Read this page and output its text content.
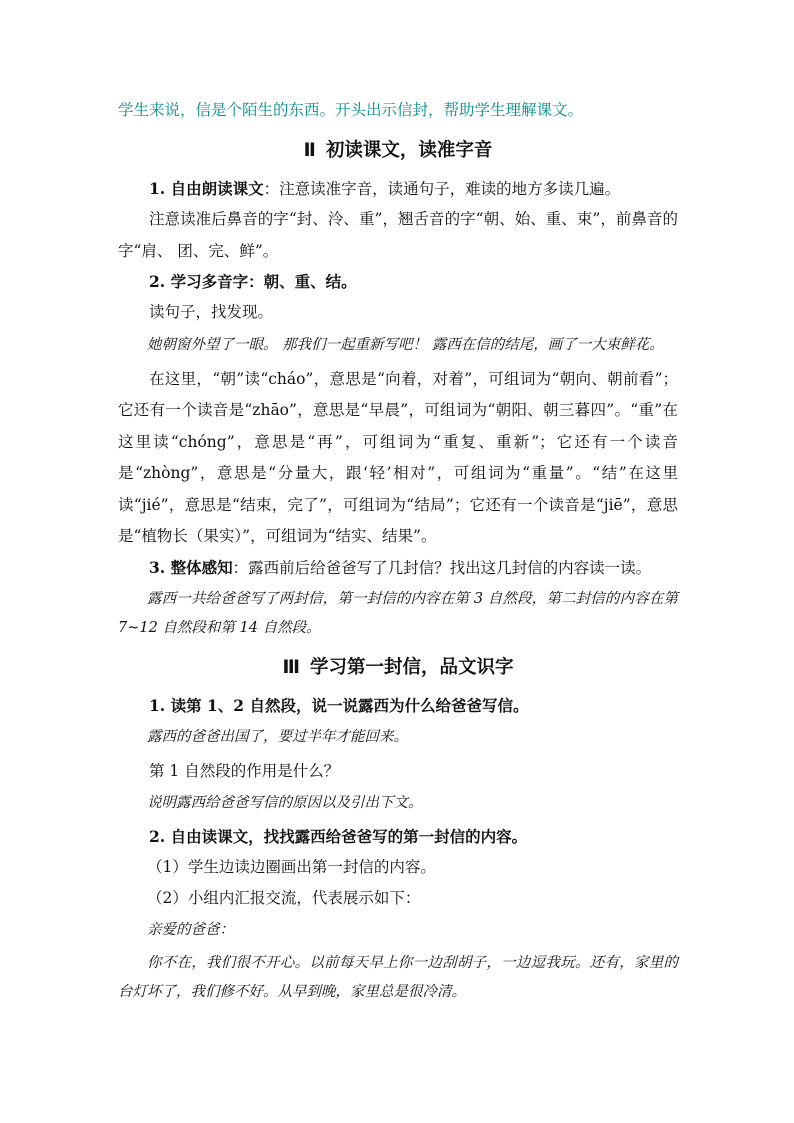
学生来说，信是个陌生的东西。开头出示信封，帮助学生理解课文。

Ⅱ 初读课文，读准字音

1. 自由朗读课文：注意读准字音，读通句子，难读的地方多读几遍。

注意读准后鼻音的字“封、泠、重”，翘舌音的字“朝、始、重、束”，前鼻音的字“肩、 团、完、鲜”。

2. 学习多音字：朝、重、结。

读句子，找发现。

她朝窗外望了一眼。 那我们一起重新写吧！ 露西在信的结尾，画了一大束鲜花。

在这里，“朝”读“cháo”，意思是“向着，对着”，可组词为“朝向、朝前看”；它还有一个读音是“zhāo”，意思是“早晨”，可组词为“朝阳、朝三暮四”。“重”在这里读“chóng”，意思是“再”，可组词为“重复、重新”；它还有一个读音是“zhòng”，意思是“分量大，跟‘轻’相对”，可组词为“重量”。“结”在这里读“jié”，意思是“结束，完了”，可组词为“结局”；它还有一个读音是“jiē”，意思是“植物长（果实）”，可组词为“结实、结果”。

3. 整体感知：露西前后给爸爸写了几封信？找出这几封信的内容读一读。

露西一共给爸爸写了两封信，第一封信的内容在第 3 自然段，第二封信的内容在第 7~12 自然段和第 14 自然段。

Ⅲ 学习第一封信，品文识字

1. 读第 1、2 自然段，说一说露西为什么给爸爸写信。

露西的爸爸出国了，要过半年才能回来。

第 1 自然段的作用是什么？

说明露西给爸爸写信的原因以及引出下文。

2. 自由读课文，找找露西给爸爸写的第一封信的内容。

（1）学生边读边圈画出第一封信的内容。

（2）小组内汇报交流，代表展示如下：

亲爱的爸爸：

你不在，我们很不开心。以前每天早上你一边刮胡子，一边逗我玩。还有，家里的台灯坏了，我们修不好。从早到晚，家里总是很冷清。
